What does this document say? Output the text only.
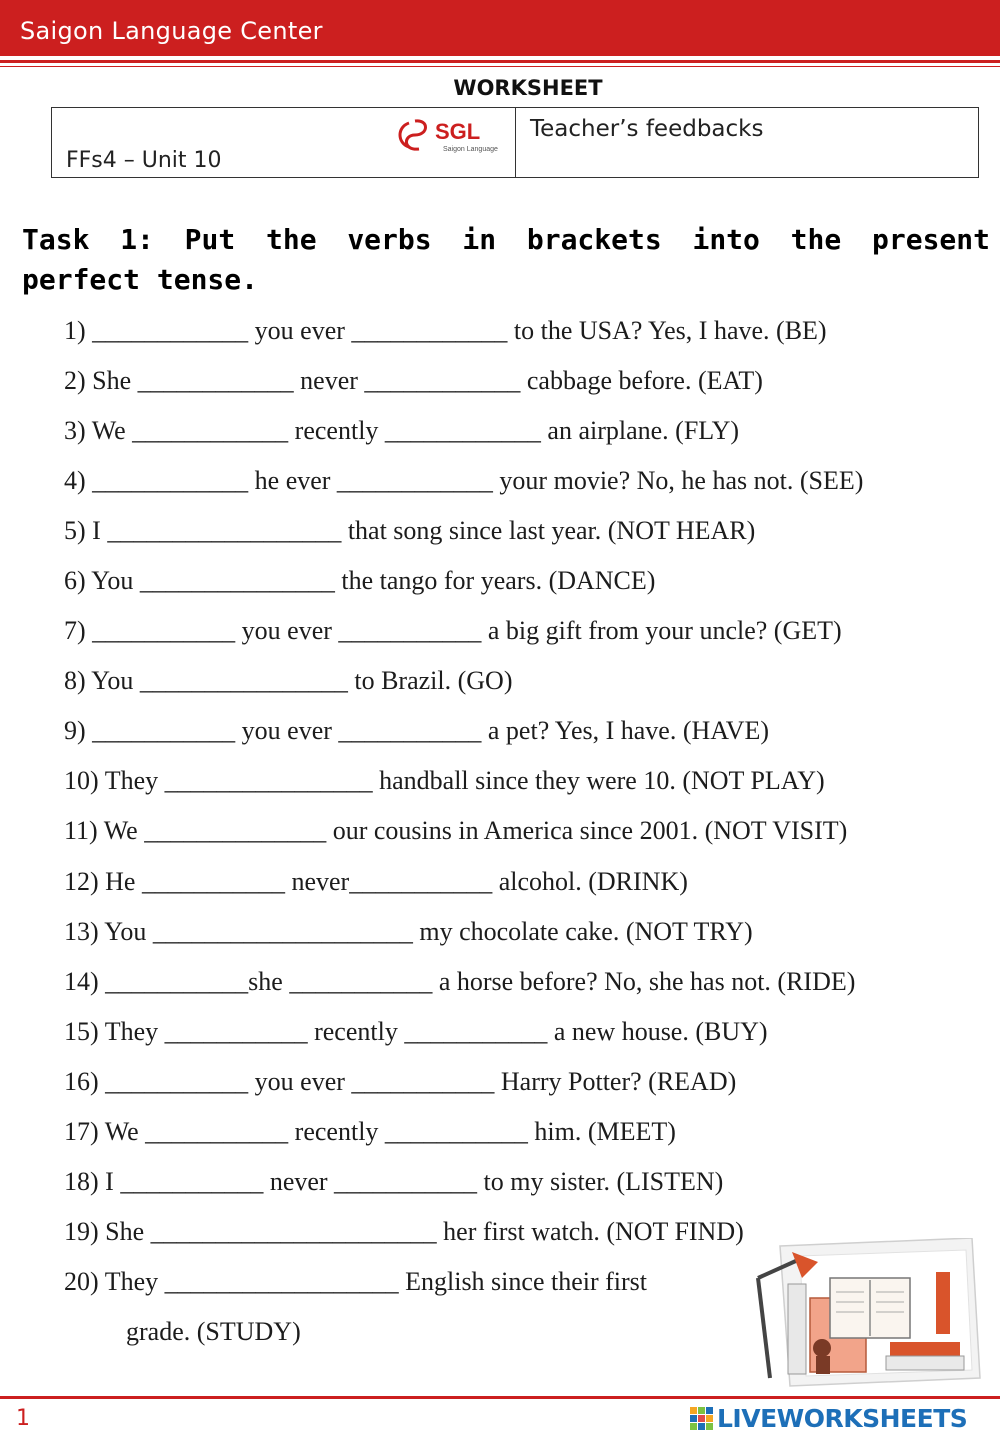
Saigon Language Center
WORKSHEET
SGL
Saigon Language
FFs4 – Unit 10
Teacher’s feedbacks
Task 1: Put the verbs in brackets into the present perfect tense.
1) ____________ you ever ____________ to the USA? Yes, I have. (BE)
2) She ____________ never ____________ cabbage before. (EAT)
3) We ____________ recently ____________ an airplane. (FLY)
4) ____________ he ever ____________ your movie? No, he has not. (SEE)
5) I __________________ that song since last year. (NOT HEAR)
6) You _______________ the tango for years. (DANCE)
7) ___________ you ever ___________ a big gift from your uncle? (GET)
8) You ________________ to Brazil. (GO)
9) ___________ you ever ___________ a pet? Yes, I have. (HAVE)
10) They ________________ handball since they were 10. (NOT PLAY)
11) We ______________ our cousins in America since 2001. (NOT VISIT)
12) He ___________ never___________ alcohol. (DRINK)
13) You ____________________ my chocolate cake. (NOT TRY)
14) ___________she ___________ a horse before? No, she has not. (RIDE)
15) They ___________ recently ___________ a new house. (BUY)
16) ___________ you ever ___________ Harry Potter? (READ)
17) We ___________ recently ___________ him. (MEET)
18) I ___________ never ___________ to my sister. (LISTEN)
19) She ______________________ her first watch. (NOT FIND)
20) They __________________ English since their first
grade. (STUDY)
1	LIVEWORKSHEETS
